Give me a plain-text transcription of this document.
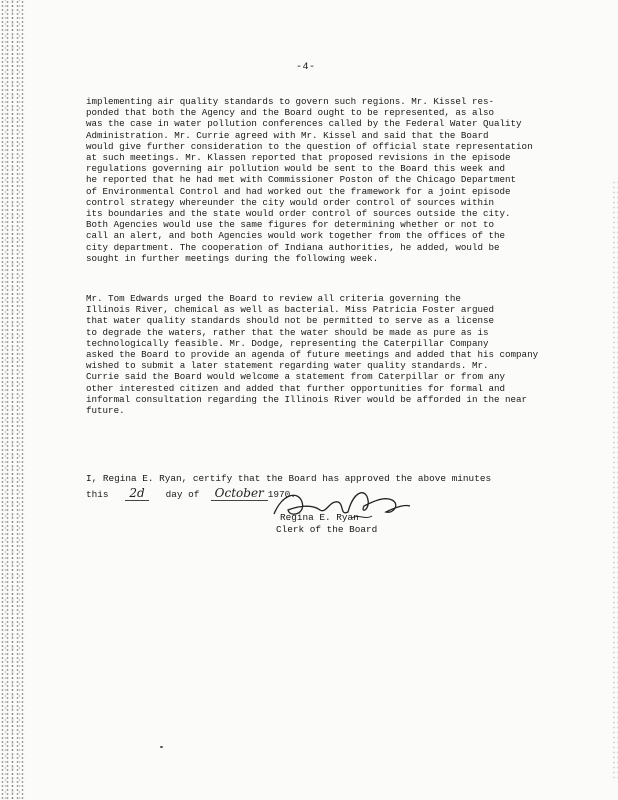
-4-
implementing air quality standards to govern such regions. Mr. Kissel res-
ponded that both the Agency and the Board ought to be represented, as also
was the case in water pollution conferences called by the Federal Water Quality
Administration. Mr. Currie agreed with Mr. Kissel and said that the Board
would give further consideration to the question of official state representation
at such meetings. Mr. Klassen reported that proposed revisions in the episode
regulations governing air pollution would be sent to the Board this week and
he reported that he had met with Commissioner Poston of the Chicago Department
of Environmental Control and had worked out the framework for a joint episode
control strategy whereunder the city would order control of sources within
its boundaries and the state would order control of sources outside the city.
Both Agencies would use the same figures for determining whether or not to
call an alert, and both Agencies would work together from the offices of the
city department. The cooperation of Indiana authorities, he added, would be
sought in further meetings during the following week.
Mr. Tom Edwards urged the Board to review all criteria governing the
Illinois River, chemical as well as bacterial. Miss Patricia Foster argued
that water quality standards should not be permitted to serve as a license
to degrade the waters, rather that the water should be made as pure as is
technologically feasible. Mr. Dodge, representing the Caterpillar Company
asked the Board to provide an agenda of future meetings and added that his company
wished to submit a later statement regarding water quality standards. Mr.
Currie said the Board would welcome a statement from Caterpillar or from any
other interested citizen and added that further opportunities for formal and
informal consultation regarding the Illinois River would be afforded in the near
future.
I, Regina E. Ryan, certify that the Board has approved the above minutes
this 2d day of October 1970.
Regina E. Ryan
Clerk of the Board
